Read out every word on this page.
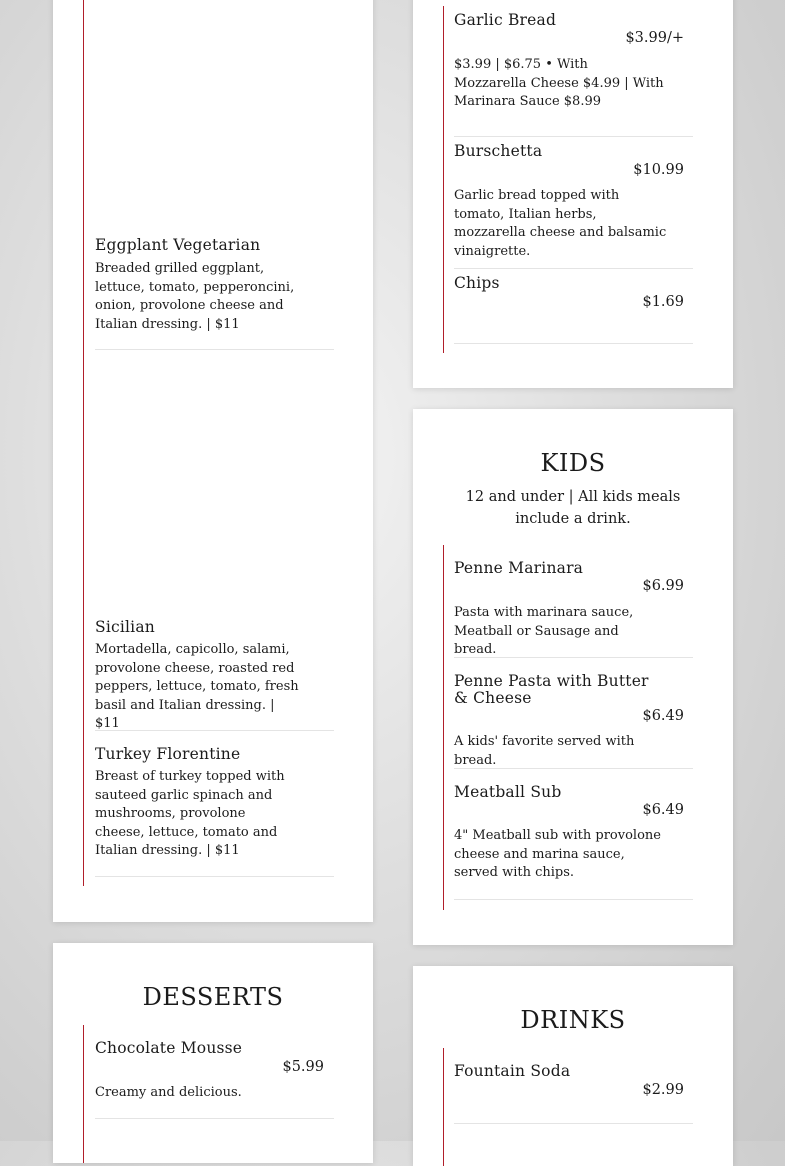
Eggplant Vegetarian
Breaded grilled eggplant, lettuce, tomato, pepperoncini, onion, provolone cheese and Italian dressing. | $11
Sicilian
Mortadella, capicollo, salami, provolone cheese, roasted red peppers, lettuce, tomato, fresh basil and Italian dressing. | $11
Turkey Florentine
Breast of turkey topped with sauteed garlic spinach and mushrooms, provolone cheese, lettuce, tomato and Italian dressing. | $11
Garlic Bread
$3.99/+
$3.99 | $6.75 • With Mozzarella Cheese $4.99 | With Marinara Sauce $8.99
Burschetta
$10.99
Garlic bread topped with tomato, Italian herbs, mozzarella cheese and balsamic vinaigrette.
Chips
$1.69
KIDS
12 and under | All kids meals include a drink.
Penne Marinara
$6.99
Pasta with marinara sauce, Meatball or Sausage and bread.
Penne Pasta with Butter & Cheese
$6.49
A kids' favorite served with bread.
Meatball Sub
$6.49
4" Meatball sub with provolone cheese and marina sauce, served with chips.
DESSERTS
Chocolate Mousse
$5.99
Creamy and delicious.
DRINKS
Fountain Soda
$2.99
